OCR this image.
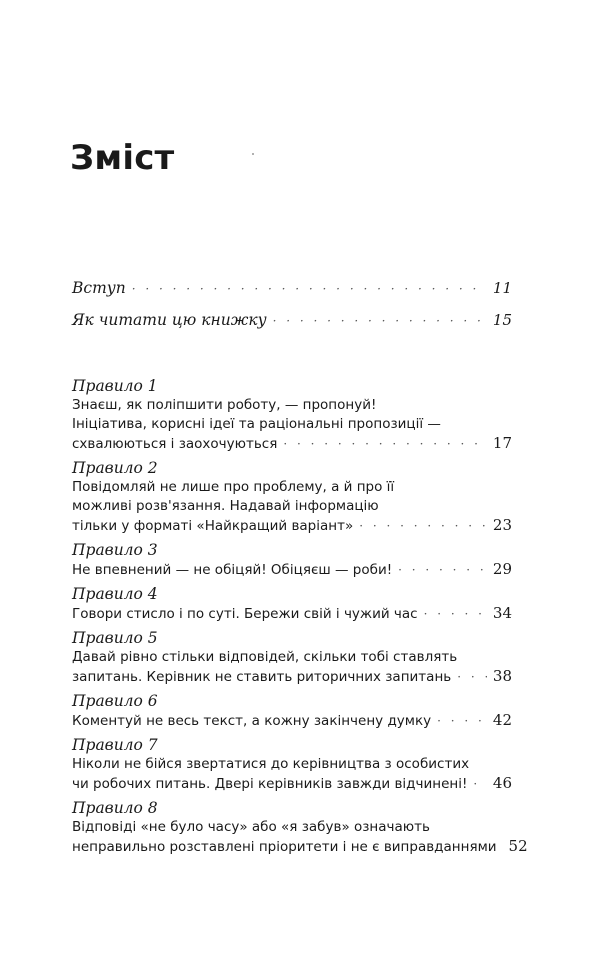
Зміст
Вступ · · ·	11
Як читати цю книжку · · ·	15
Правило 1
Знаєш, як поліпшити роботу, — пропонуй!
Ініціатива, корисні ідеї та раціональні пропозиції —
схвалюються і заохочуються · · ·	17
Правило 2
Повідомляй не лише про проблему, а й про її
можливі розв'язання. Надавай інформацію
тільки у форматі «Найкращий варіант» · · ·	23
Правило 3
Не впевнений — не обіцяй! Обіцяєш — роби! · · ·	29
Правило 4
Говори стисло і по суті. Бережи свій і чужий час · · ·	34
Правило 5
Давай рівно стільки відповідей, скільки тобі ставлять
запитань. Керівник не ставить риторичних запитань · · ·	38
Правило 6
Коментуй не весь текст, а кожну закінчену думку · · ·	42
Правило 7
Ніколи не бійся звертатися до керівництва з особистих
чи робочих питань. Двері керівників завжди відчинені! · · · 46
Правило 8
Відповіді «не було часу» або «я забув» означають
неправильно розставлені пріоритети і не є виправданнями 52
